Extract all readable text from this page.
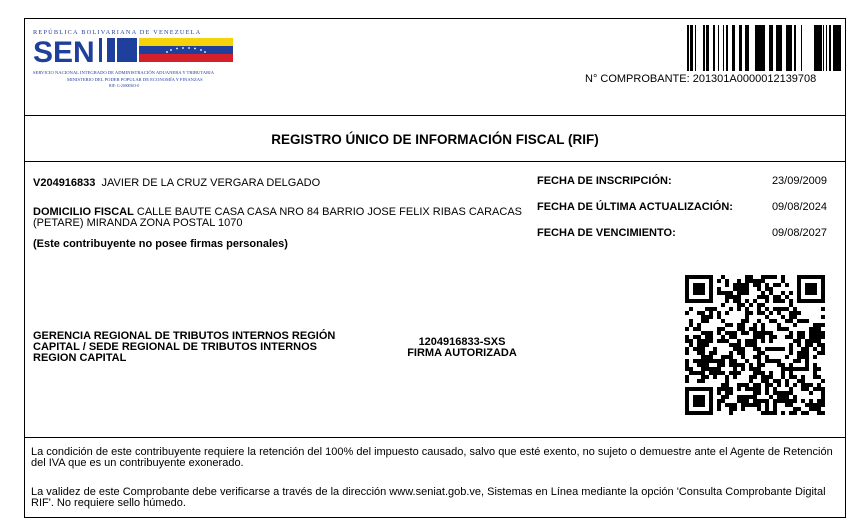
REPÚBLICA BOLIVARIANA DE VENEZUELA
SEN
SERVICIO NACIONAL INTEGRADO DE ADMINISTRACIÓN ADUANERA Y TRIBUTARIA
MINISTERIO DEL PODER POPULAR DE ECONOMÍA Y FINANZAS
RIF: G-20000303-0
N° COMPROBANTE: 201301A0000012139708
REGISTRO ÚNICO DE INFORMACIÓN FISCAL (RIF)
V204916833 JAVIER DE LA CRUZ VERGARA DELGADO
DOMICILIO FISCAL CALLE BAUTE CASA CASA NRO 84 BARRIO JOSE FELIX RIBAS CARACAS (PETARE) MIRANDA ZONA POSTAL 1070
(Este contribuyente no posee firmas personales)
FECHA DE INSCRIPCIÓN:	23/09/2009
FECHA DE ÚLTIMA ACTUALIZACIÓN:	09/08/2024
FECHA DE VENCIMIENTO:	09/08/2027
GERENCIA REGIONAL DE TRIBUTOS INTERNOS REGIÓN CAPITAL / SEDE REGIONAL DE TRIBUTOS INTERNOS REGION CAPITAL
1204916833-SXS
FIRMA AUTORIZADA

La condición de este contribuyente requiere la retención del 100% del impuesto causado, salvo que esté exento, no sujeto o demuestre ante el Agente de Retención del IVA que es un contribuyente exonerado.

La validez de este Comprobante debe verificarse a través de la dirección www.seniat.gob.ve, Sistemas en Línea mediante la opción 'Consulta Comprobante Digital RIF'. No requiere sello húmedo.
